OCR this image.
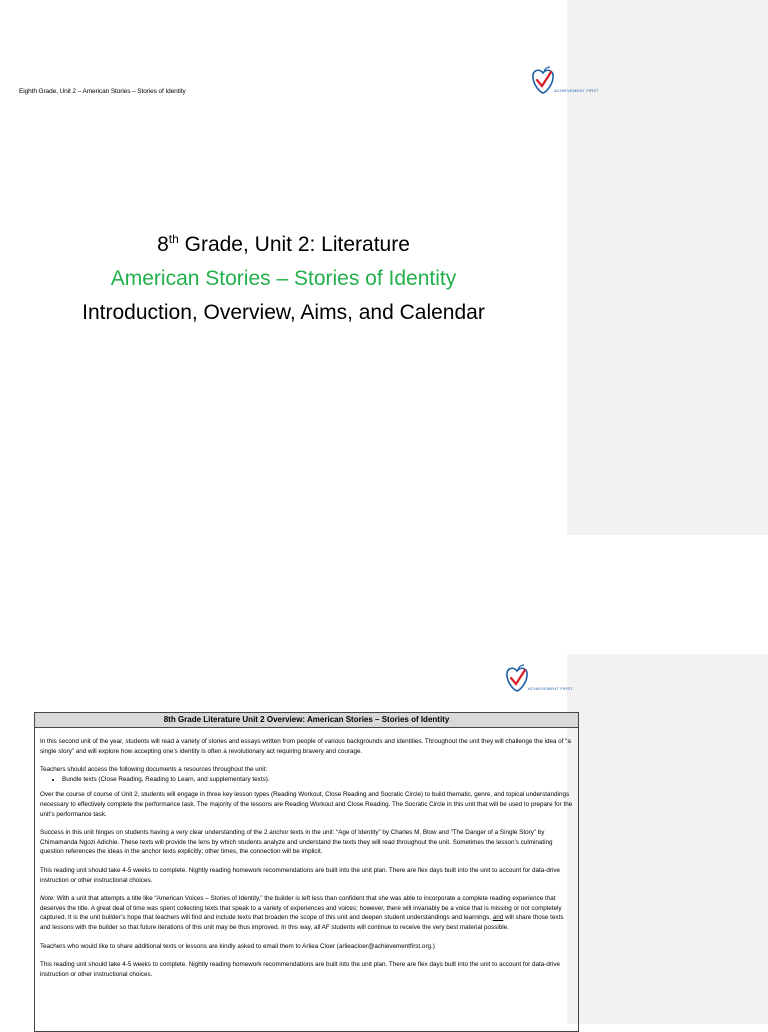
Eighth Grade, Unit 2 – American Stories – Stories of Identity	ACHIEVEMENT FIRST
8th Grade, Unit 2: Literature
American Stories – Stories of Identity
Introduction, Overview, Aims, and Calendar
ACHIEVEMENT FIRST
8th Grade Literature Unit 2 Overview: American Stories – Stories of Identity

In this second unit of the year, students will read a variety of stories and essays written from people of various backgrounds and identities. Throughout the unit they will challenge the idea of “a single story” and will explore how accepting one’s identity is often a revolutionary act requiring bravery and courage.

Teachers should access the following documents a resources throughout the unit:

• Bundle texts (Close Reading, Reading to Learn, and supplementary texts).

Over the course of course of Unit 2, students will engage in three key lesson types (Reading Workout, Close Reading and Socratic Circle) to build thematic, genre, and topical understandings necessary to effectively complete the performance task. The majority of the lessons are Reading Workout and Close Reading. The Socratic Circle in this unit that will be used to prepare for the unit’s performance task.

Success in this unit hinges on students having a very clear understanding of the 2 anchor texts in the unit: “Age of Identity” by Charles M. Blow and “The Danger of a Single Story” by Chimamanda Ngozi Adichie. These texts will provide the lens by which students analyze and understand the texts they will read throughout the unit. Sometimes the lesson’s culminating question references the ideas in the anchor texts explicitly; other times, the connection will be implicit.

This reading unit should take 4-5 weeks to complete. Nightly reading homework recommendations are built into the unit plan. There are flex days built into the unit to account for data-drive instruction or other instructional choices.

Note: With a unit that attempts a title like “American Voices – Stories of Identity,” the builder is left less than confident that she was able to incorporate a complete reading experience that deserves the title. A great deal of time was spent collecting texts that speak to a variety of experiences and voices; however, there will invariably be a voice that is missing or not completely captured. It is the unit builder’s hope that teachers will find and include texts that broaden the scope of this unit and deepen student understandings and learnings, and will share those texts and lessons with the builder so that future iterations of this unit may be thus improved. In this way, all AF students will continue to receive the very best material possible.

Teachers who would like to share additional texts or lessons are kindly asked to email them to Arliea Cloer (arlieacloer@achievementfirst.org.)

This reading unit should take 4-5 weeks to complete. Nightly reading homework recommendations are built into the unit plan. There are flex days built into the unit to account for data-drive instruction or other instructional choices.
